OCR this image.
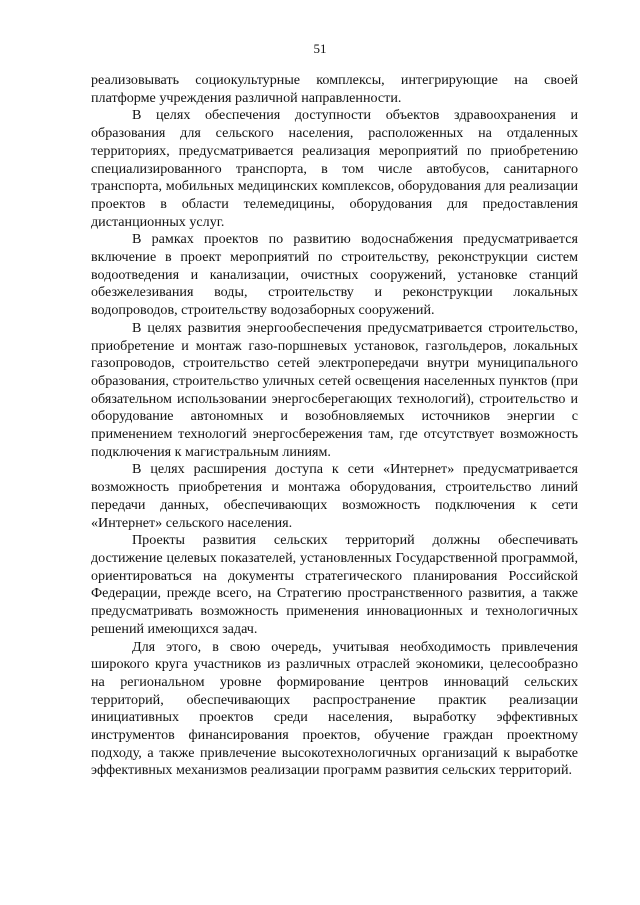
51

реализовывать социокультурные комплексы, интегрирующие на своей платформе учреждения различной направленности.

В целях обеспечения доступности объектов здравоохранения и образования для сельского населения, расположенных на отдаленных территориях, предусматривается реализация мероприятий по приобретению специализированного транспорта, в том числе автобусов, санитарного транспорта, мобильных медицинских комплексов, оборудования для реализации проектов в области телемедицины, оборудования для предоставления дистанционных услуг.

В рамках проектов по развитию водоснабжения предусматривается включение в проект мероприятий по строительству, реконструкции систем водоотведения и канализации, очистных сооружений, установке станций обезжелезивания воды, строительству и реконструкции локальных водопроводов, строительству водозаборных сооружений.

В целях развития энергообеспечения предусматривается строительство, приобретение и монтаж газо-поршневых установок, газгольдеров, локальных газопроводов, строительство сетей электропередачи внутри муниципального образования, строительство уличных сетей освещения населенных пунктов (при обязательном использовании энергосберегающих технологий), строительство и оборудование автономных и возобновляемых источников энергии с применением технологий энергосбережения там, где отсутствует возможность подключения к магистральным линиям.

В целях расширения доступа к сети «Интернет» предусматривается возможность приобретения и монтажа оборудования, строительство линий передачи данных, обеспечивающих возможность подключения к сети «Интернет» сельского населения.

Проекты развития сельских территорий должны обеспечивать достижение целевых показателей, установленных Государственной программой, ориентироваться на документы стратегического планирования Российской Федерации, прежде всего, на Стратегию пространственного развития, а также предусматривать возможность применения инновационных и технологичных решений имеющихся задач.

Для этого, в свою очередь, учитывая необходимость привлечения широкого круга участников из различных отраслей экономики, целесообразно на региональном уровне формирование центров инноваций сельских территорий, обеспечивающих распространение практик реализации инициативных проектов среди населения, выработку эффективных инструментов финансирования проектов, обучение граждан проектному подходу, а также привлечение высокотехнологичных организаций к выработке эффективных механизмов реализации программ развития сельских территорий.
